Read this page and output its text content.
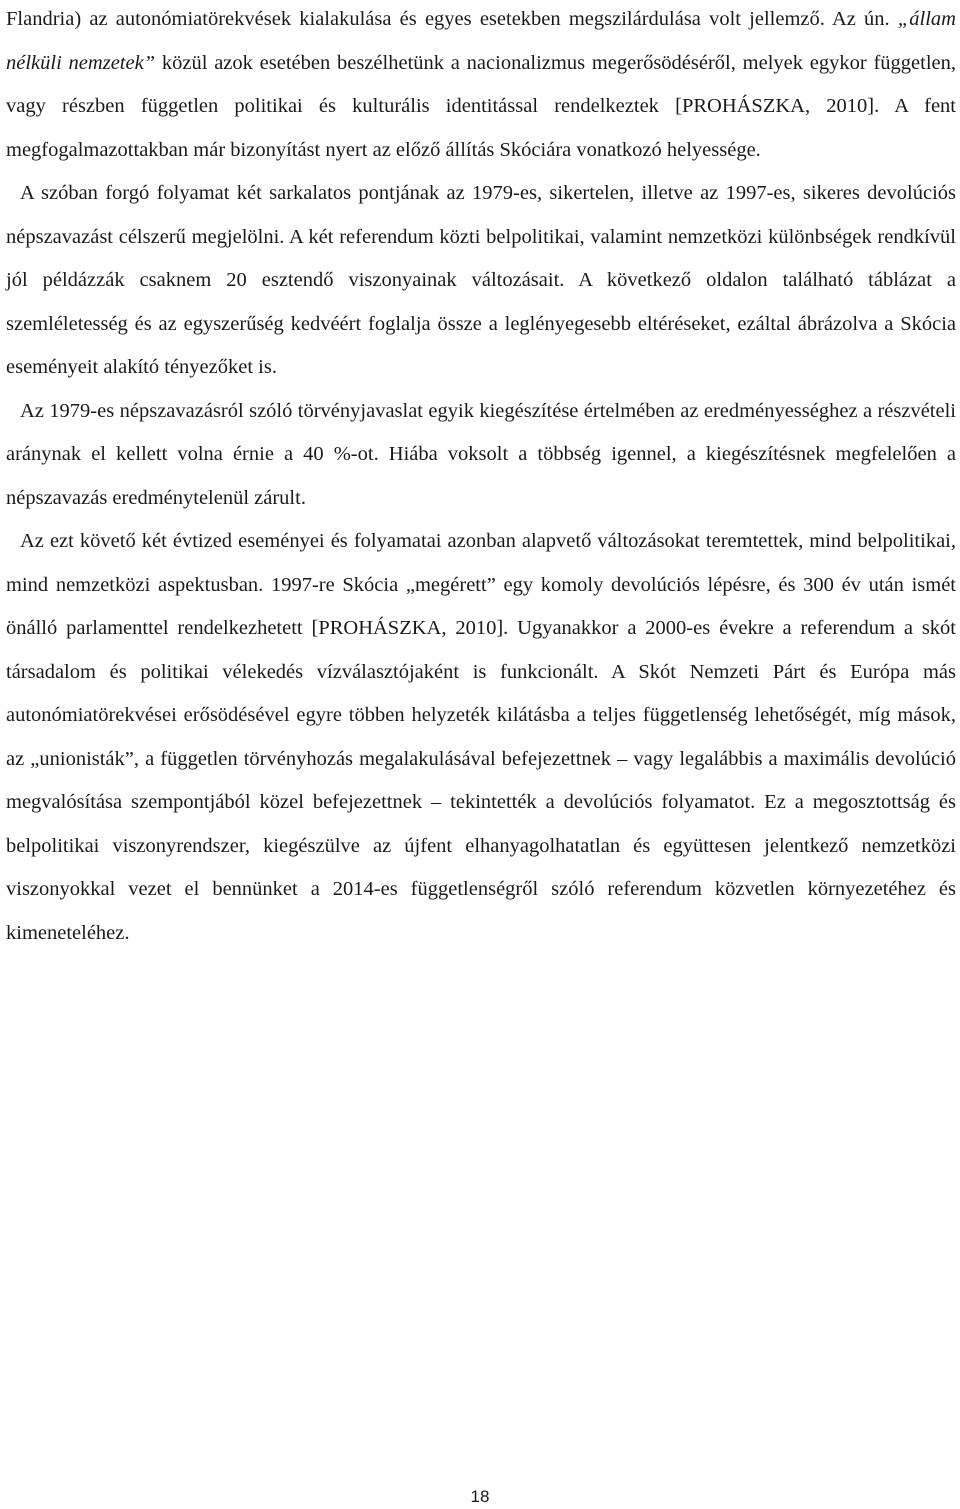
Flandria) az autonómiatörekvések kialakulása és egyes esetekben megszilárdulása volt jellemző. Az ún. „állam nélküli nemzetek” közül azok esetében beszélhetünk a nacionalizmus megerősödéséről, melyek egykor független, vagy részben független politikai és kulturális identitással rendelkeztek [PROHÁSZKA, 2010]. A fent megfogalmazottakban már bizonyítást nyert az előző állítás Skóciára vonatkozó helyessége.

A szóban forgó folyamat két sarkalatos pontjának az 1979-es, sikertelen, illetve az 1997-es, sikeres devolúciós népszavazást célszerű megjelölni. A két referendum közti belpolitikai, valamint nemzetközi különbségek rendkívül jól példázzák csaknem 20 esztendő viszonyainak változásait. A következő oldalon található táblázat a szemléletesség és az egyszerűség kedvéért foglalja össze a leglényegesebb eltéréseket, ezáltal ábrázolva a Skócia eseményeit alakító tényezőket is.

Az 1979-es népszavazásról szóló törvényjavaslat egyik kiegészítése értelmében az eredményességhez a részvételi aránynak el kellett volna érnie a 40 %-ot. Hiába voksolt a többség igennel, a kiegészítésnek megfelelően a népszavazás eredménytelenül zárult.

Az ezt követő két évtized eseményei és folyamatai azonban alapvető változásokat teremtettek, mind belpolitikai, mind nemzetközi aspektusban. 1997-re Skócia „megérett” egy komoly devolúciós lépésre, és 300 év után ismét önálló parlamenttel rendelkezhetett [PROHÁSZKA, 2010]. Ugyanakkor a 2000-es évekre a referendum a skót társadalom és politikai vélekedés vízválasztójaként is funkcionált. A Skót Nemzeti Párt és Európa más autonómiatörekvései erősödésével egyre többen helyzeték kilátásba a teljes függetlenség lehetőségét, míg mások, az „unionisták”, a független törvényhozás megalakulásával befejezettnek – vagy legalábbis a maximális devolúció megvalósítása szempontjából közel befejezettnek – tekintették a devolúciós folyamatot. Ez a megosztottság és belpolitikai viszonyrendszer, kiegészülve az újfent elhanyagolhatatlan és együttesen jelentkező nemzetközi viszonyokkal vezet el bennünket a 2014-es függetlenségről szóló referendum közvetlen környezetéhez és kimeneteléhez.

18
